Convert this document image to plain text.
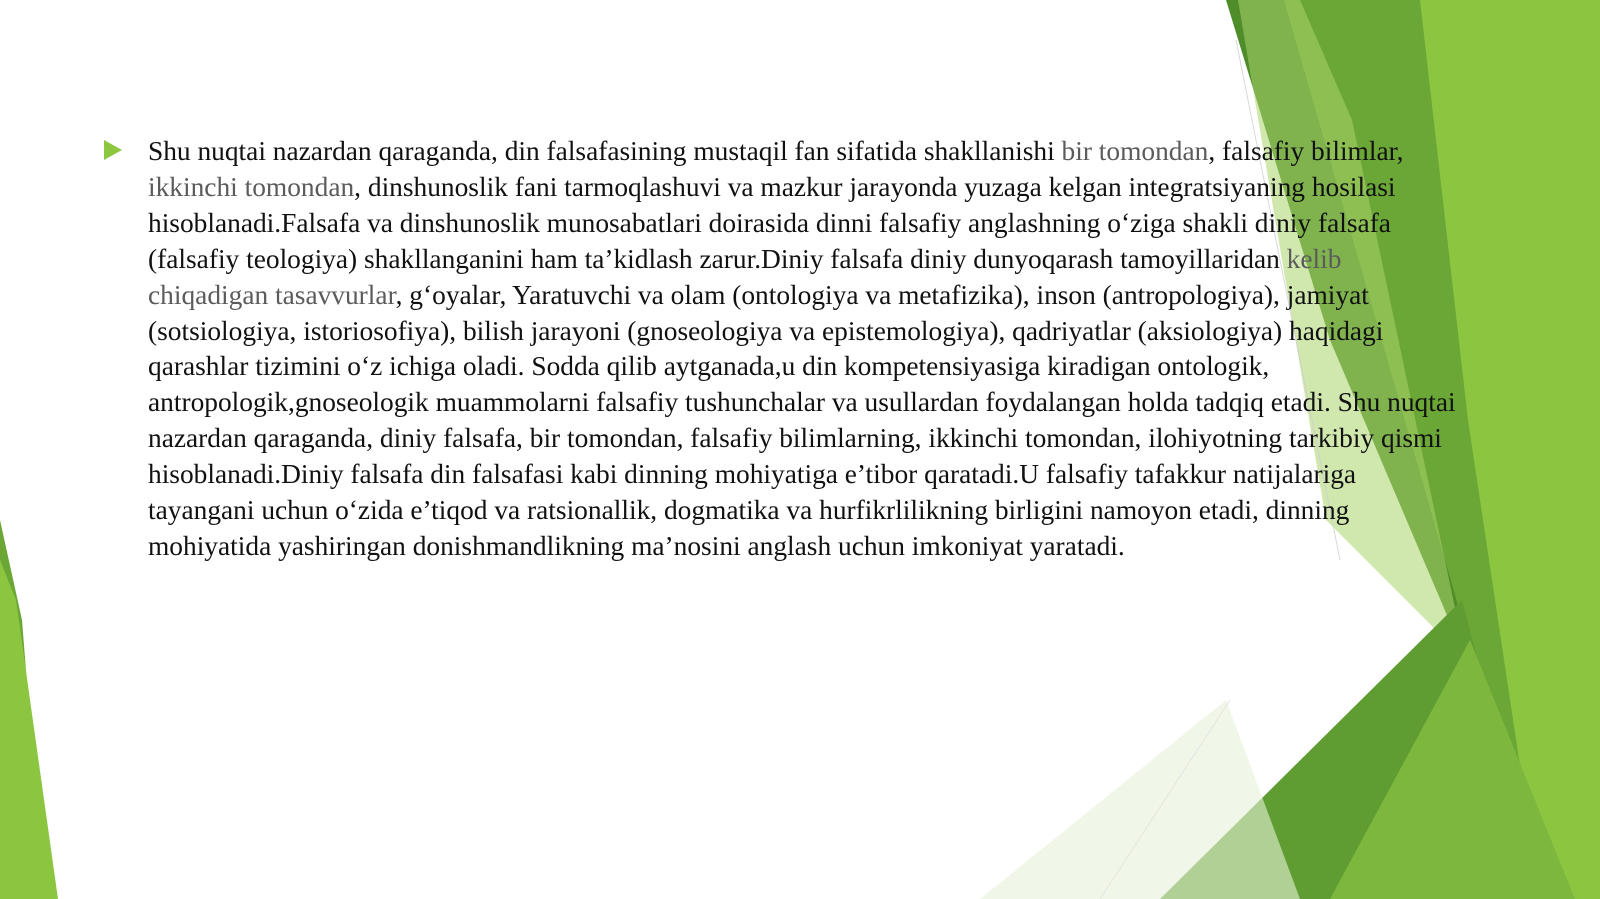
Shu nuqtai nazardan qaraganda, din falsafasining mustaqil fan sifatida shakllanishi bir tomondan, falsafiy bilimlar, ikkinchi tomondan, dinshunoslik fani tarmoqlashuvi va mazkur jarayonda yuzaga kelgan integratsiyaning hosilasi hisoblanadi.Falsafa va dinshunoslik munosabatlari doirasida dinni falsafiy anglashning o‘ziga shakli diniy falsafa (falsafiy teologiya) shakllanganini ham ta’kidlash zarur.Diniy falsafa diniy dunyoqarash tamoyillaridan kelib chiqadigan tasavvurlar, g‘oyalar, Yaratuvchi va olam (ontologiya va metafizika), inson (antropologiya), jamiyat (sotsiologiya, istoriosofiya), bilish jarayoni (gnoseologiya va epistemologiya), qadriyatlar (aksiologiya) haqidagi qarashlar tizimini o‘z ichiga oladi. Sodda qilib aytganada,u din kompetensiyasiga kiradigan ontologik, antropologik,gnoseologik muammolarni falsafiy tushunchalar va usullardan foydalangan holda tadqiq etadi. Shu nuqtai nazardan qaraganda, diniy falsafa, bir tomondan, falsafiy bilimlarning, ikkinchi tomondan, ilohiyotning tarkibiy qismi hisoblanadi.Diniy falsafa din falsafasi kabi dinning mohiyatiga e’tibor qaratadi.U falsafiy tafakkur natijalariga tayangani uchun o‘zida e’tiqod va ratsionallik, dogmatika va hurfikrlilikning birligini namoyon etadi, dinning mohiyatida yashiringan donishmandlikning ma’nosini anglash uchun imkoniyat yaratadi.
